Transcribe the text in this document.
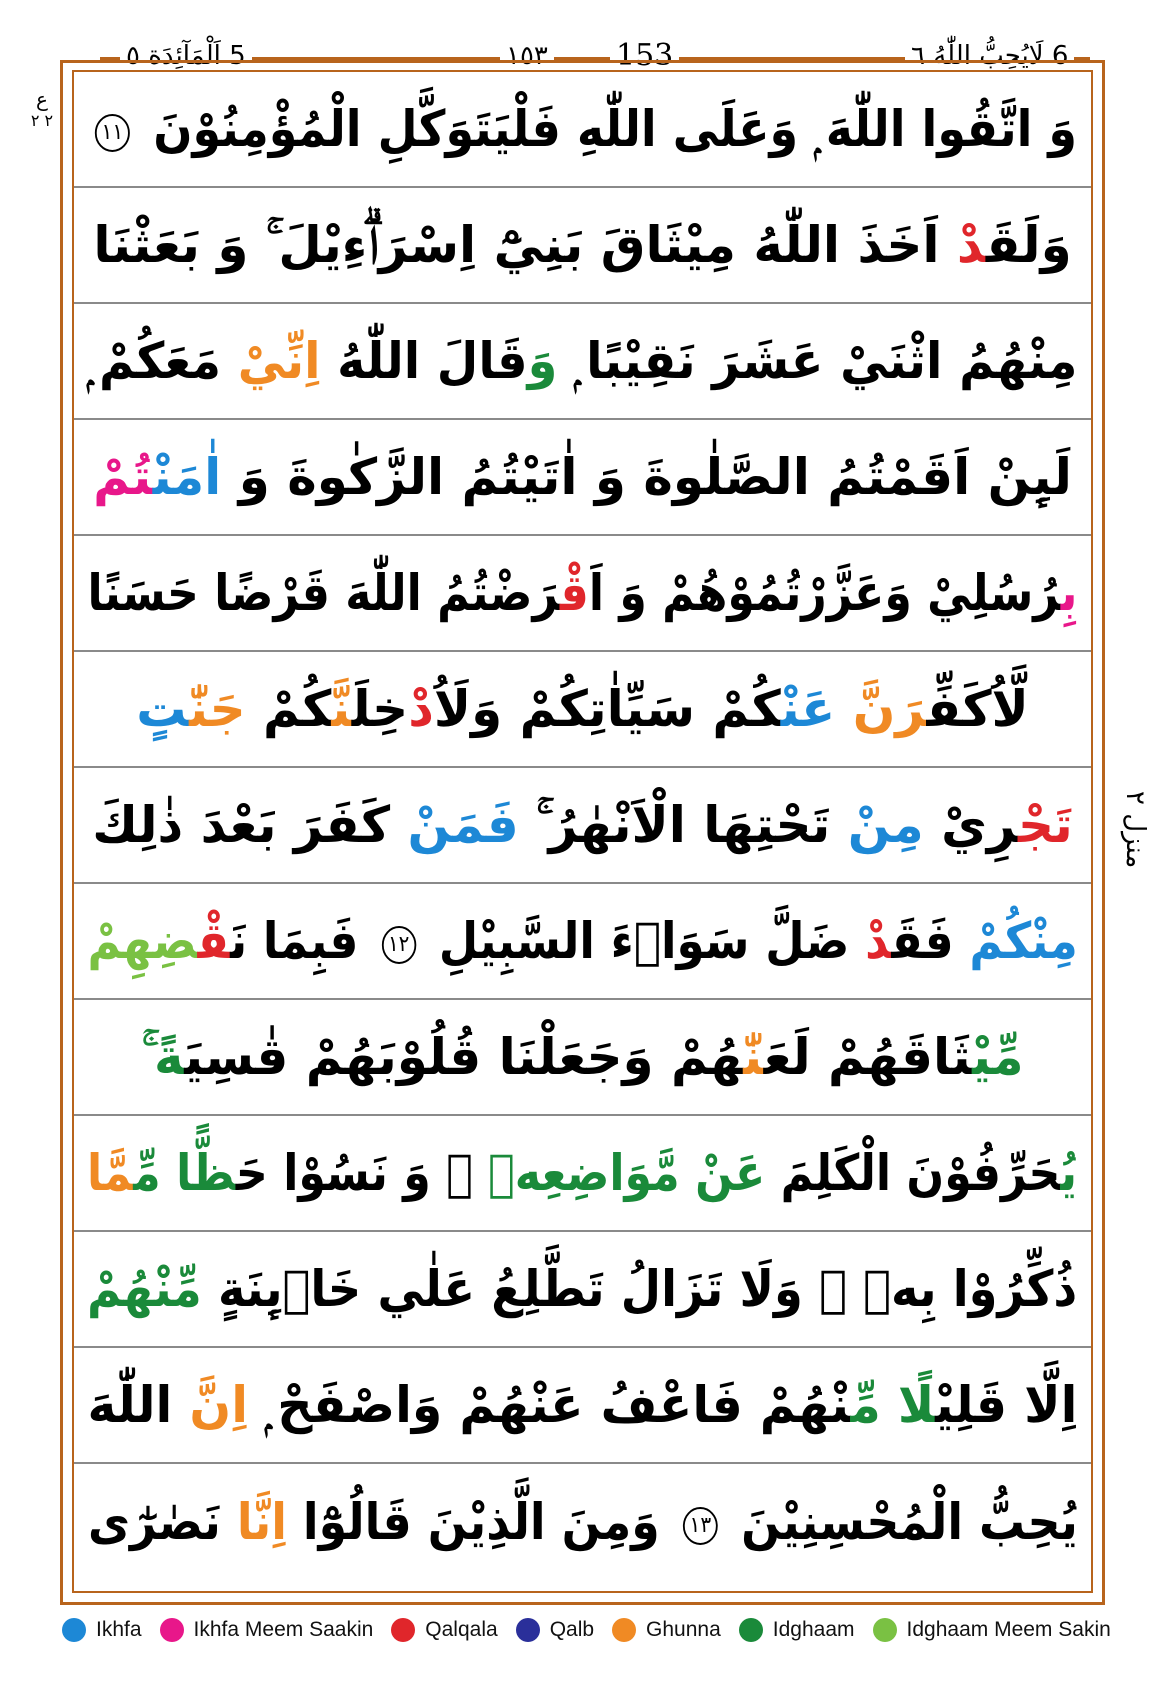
5 اَلْمَآئِدَة ٥	١٥٣ 153	6 لَايُحِبُّ اللّٰهُ ٦
ع
٢ ٢
منزل ٢
وَ اتَّقُوا اللّٰهَ ۭ وَعَلَى اللّٰهِ فَلْيَتَوَكَّلِ الْمُؤْمِنُوْنَ ١١
وَلَقَدْ اَخَذَ اللّٰهُ مِيْثَاقَ بَنِيْٓ اِسْرَاۗءِيْلَ ۚ وَ بَعَثْنَا
مِنْهُمُ اثْنَيْ عَشَرَ نَقِيْبًا ۭ وَقَالَ اللّٰهُ اِنِّيْ مَعَكُمْ ۭ
لَىِٕنْ اَقَمْتُمُ الصَّلٰوةَ وَ اٰتَيْتُمُ الزَّكٰوةَ وَ اٰمَنْتُمْ
بِرُسُلِيْ وَعَزَّرْتُمُوْهُمْ وَ اَقْرَضْتُمُ اللّٰهَ قَرْضًا حَسَنًا
لَّاُكَفِّرَنَّ عَنْكُمْ سَيِّاٰتِكُمْ وَلَاُدْخِلَنَّكُمْ جَنّٰتٍ
تَجْرِيْ مِنْ تَحْتِهَا الْاَنْهٰرُ ۚ فَمَنْ كَفَرَ بَعْدَ ذٰلِكَ
مِنْكُمْ فَقَدْ ضَلَّ سَوَاۗءَ السَّبِيْلِ ١٢ فَبِمَا نَقْضِهِمْ
مِّيْثَاقَهُمْ لَعَنّٰهُمْ وَجَعَلْنَا قُلُوْبَهُمْ قٰسِيَةً ۚ
يُحَرِّفُوْنَ الْكَلِمَ عَنْ مَّوَاضِعِهٖ ۙ وَ نَسُوْا حَظًّا مِّمَّا
ذُكِّرُوْا بِهٖ ۚ وَلَا تَزَالُ تَطَّلِعُ عَلٰي خَاۗىِٕنَةٍ مِّنْهُمْ
اِلَّا قَلِيْلًا مِّنْهُمْ فَاعْفُ عَنْهُمْ وَاصْفَحْ ۭ اِنَّ اللّٰهَ
يُحِبُّ الْمُحْسِنِيْنَ ١٣ وَمِنَ الَّذِيْنَ قَالُوْٓا اِنَّا نَصٰرٰٓى
Ikhfa Ikhfa Meem Saakin Qalqala Qalb Ghunna Idghaam Idghaam Meem Sakin
